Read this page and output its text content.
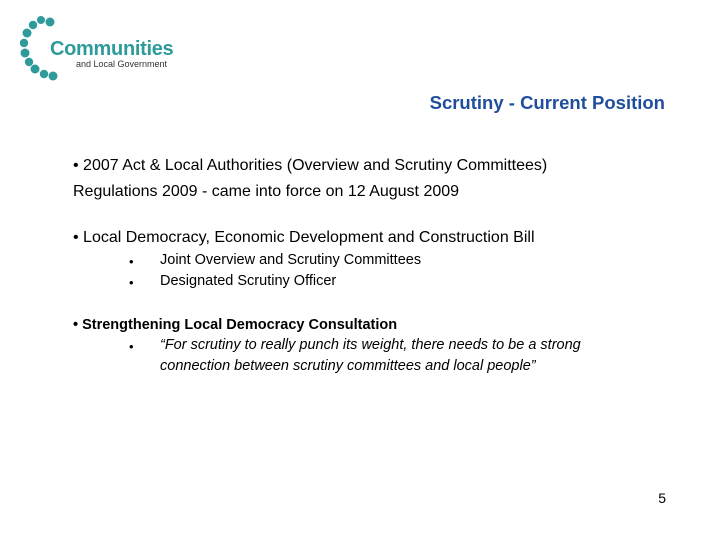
Communities
and Local Government
Scrutiny - Current Position
• 2007 Act & Local Authorities (Overview and Scrutiny Committees)
Regulations 2009 - came into force on 12 August 2009
• Local Democracy, Economic Development and Construction Bill
• Joint Overview and Scrutiny Committees
• Designated Scrutiny Officer
• Strengthening Local Democracy Consultation
• “For scrutiny to really punch its weight, there needs to be a strong connection between scrutiny committees and local people”
5
